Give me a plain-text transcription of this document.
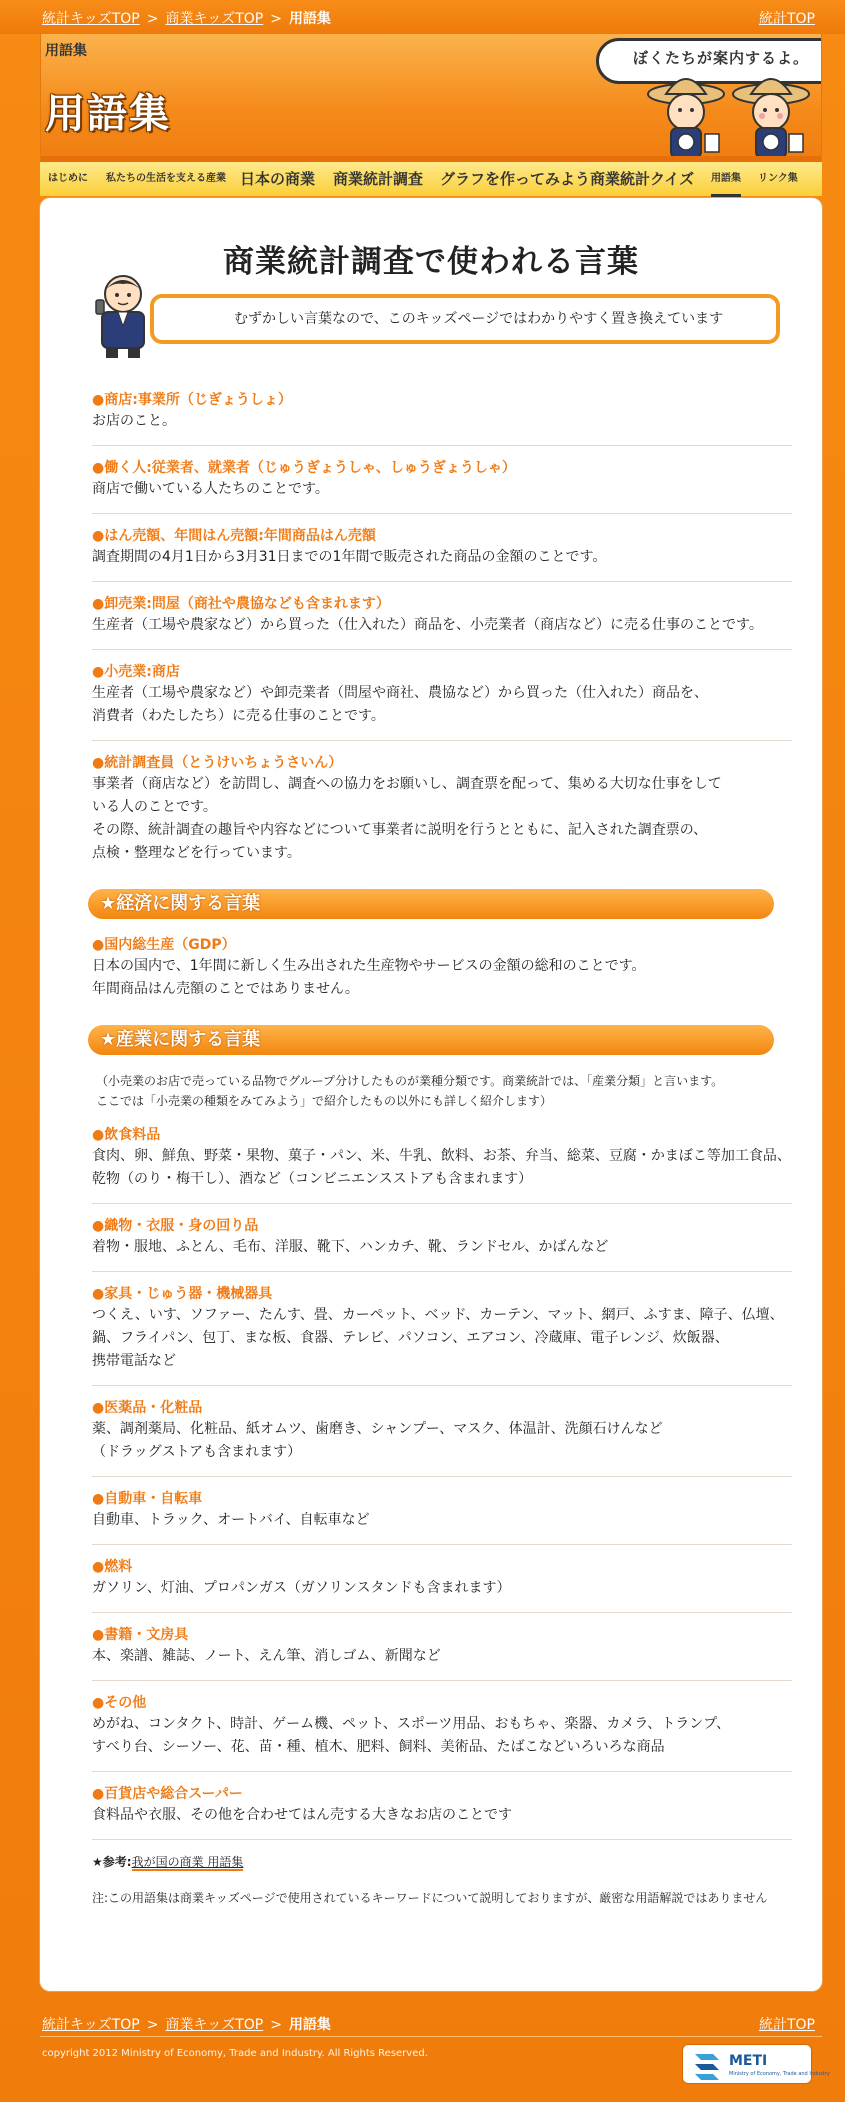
統計キッズTOP > 商業キッズTOP > 用語集	統計TOP
用語集
用語集
ぼくたちが案内するよ。
はじめに 私たちの生活を支える産業 日本の商業 商業統計調査 グラフを作ってみよう 商業統計クイズ 用語集 リンク集
商業統計調査で使われる言葉
むずかしい言葉なので、このキッズページではわかりやすく置き換えています
●商店:事業所（じぎょうしょ）
お店のこと。
●働く人:従業者、就業者（じゅうぎょうしゃ、しゅうぎょうしゃ）
商店で働いている人たちのことです。
●はん売額、年間はん売額:年間商品はん売額
調査期間の4月1日から3月31日までの1年間で販売された商品の金額のことです。
●卸売業:問屋（商社や農協なども含まれます）
生産者（工場や農家など）から買った（仕入れた）商品を、小売業者（商店など）に売る仕事のことです。
●小売業:商店
生産者（工場や農家など）や卸売業者（問屋や商社、農協など）から買った（仕入れた）商品を、
消費者（わたしたち）に売る仕事のことです。
●統計調査員（とうけいちょうさいん）
事業者（商店など）を訪問し、調査への協力をお願いし、調査票を配って、集める大切な仕事をして
いる人のことです。
その際、統計調査の趣旨や内容などについて事業者に説明を行うとともに、記入された調査票の、
点検・整理などを行っています。
★経済に関する言葉
●国内総生産（GDP）
日本の国内で、1年間に新しく生み出された生産物やサービスの金額の総和のことです。
年間商品はん売額のことではありません。
★産業に関する言葉
（小売業のお店で売っている品物でグループ分けしたものが業種分類です。商業統計では、「産業分類」と言います。
ここでは「小売業の種類をみてみよう」で紹介したもの以外にも詳しく紹介します）
●飲食料品
食肉、卵、鮮魚、野菜・果物、菓子・パン、米、牛乳、飲料、お茶、弁当、総菜、豆腐・かまぼこ等加工食品、
乾物（のり・梅干し）、酒など（コンビニエンスストアも含まれます）
●織物・衣服・身の回り品
着物・服地、ふとん、毛布、洋服、靴下、ハンカチ、靴、ランドセル、かばんなど
●家具・じゅう器・機械器具
つくえ、いす、ソファー、たんす、畳、カーペット、ベッド、カーテン、マット、網戸、ふすま、障子、仏壇、
鍋、フライパン、包丁、まな板、食器、テレビ、パソコン、エアコン、冷蔵庫、電子レンジ、炊飯器、
携帯電話など
●医薬品・化粧品
薬、調剤薬局、化粧品、紙オムツ、歯磨き、シャンプー、マスク、体温計、洗顔石けんなど
（ドラッグストアも含まれます）
●自動車・自転車
自動車、トラック、オートバイ、自転車など
●燃料
ガソリン、灯油、プロパンガス（ガソリンスタンドも含まれます）
●書籍・文房具
本、楽譜、雑誌、ノート、えん筆、消しゴム、新聞など
●その他
めがね、コンタクト、時計、ゲーム機、ペット、スポーツ用品、おもちゃ、楽器、カメラ、トランプ、
すべり台、シーソー、花、苗・種、植木、肥料、飼料、美術品、たばこなどいろいろな商品
●百貨店や総合スーパー
食料品や衣服、その他を合わせてはん売する大きなお店のことです
★参考:我が国の商業 用語集
注:この用語集は商業キッズページで使用されているキーワードについて説明しておりますが、厳密な用語解説ではありません
統計キッズTOP > 商業キッズTOP > 用語集	統計TOP
copyright 2012 Ministry of Economy, Trade and Industry. All Rights Reserved.	METI
Ministry of Economy, Trade and Industry
